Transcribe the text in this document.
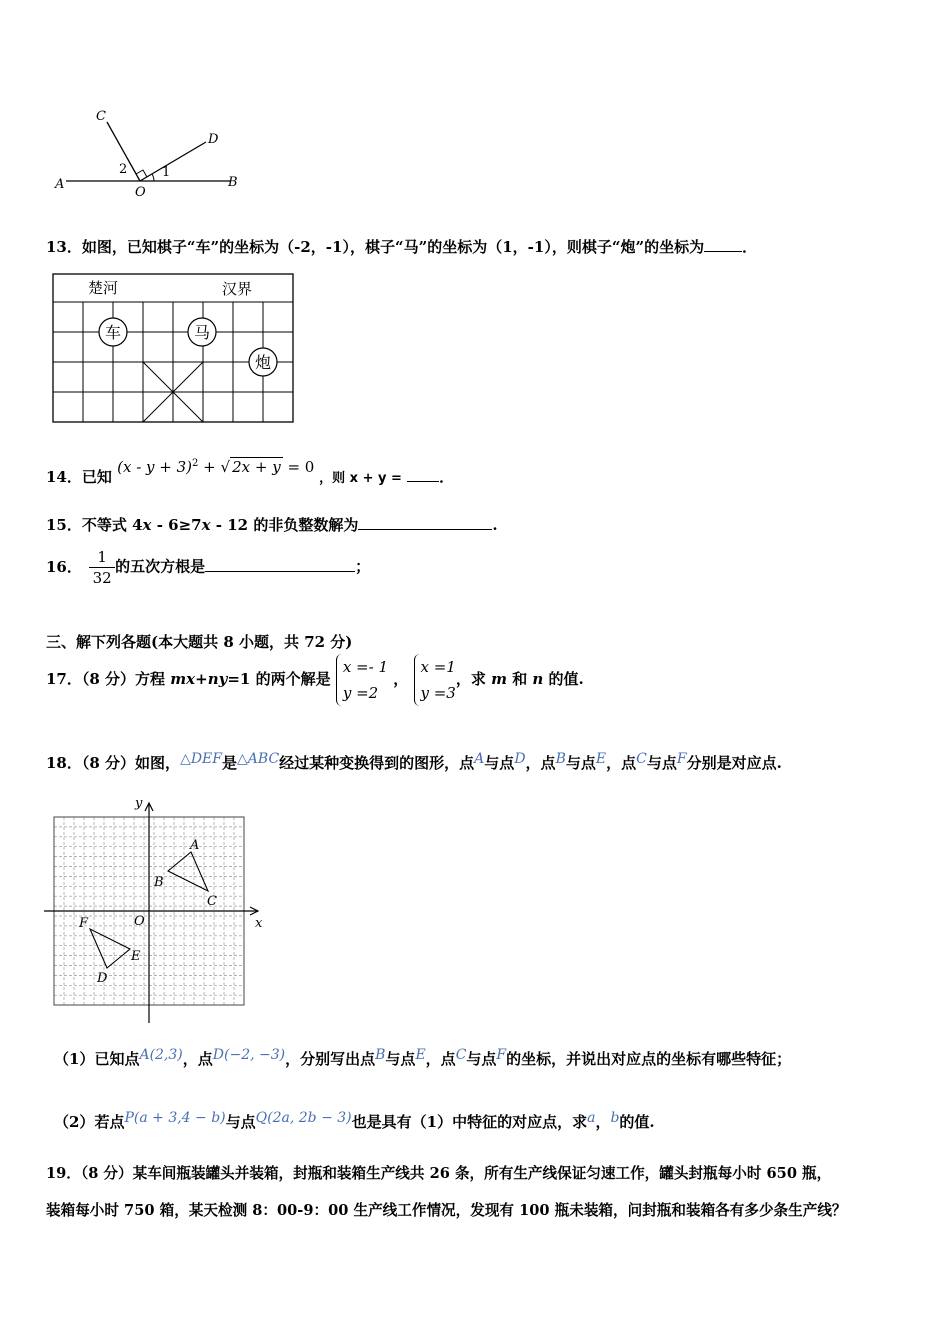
C
D
A
O
B
2	1
13．如图，已知棋子“车”的坐标为（-2，-1），棋子“马”的坐标为（1，-1），则棋子“炮”的坐标为	．
楚河	汉界
车	马
炮
14．已知 $(x - y + 3)^2$ + √ 2x + y = 0 ，则 x + y = ．
15．不等式 4x - 6≥7x - 12 的非负整数解为	.
16． $\frac{1}{32}$ 的五次方根是	；
三、解下列各题(本大题共 8 小题，共 72 分)
17．（8 分）方程 mx+ny=1 的两个解是
x =- 1
y =2
，
x =1
y =3
，求 m 和 n 的值.
18．（8 分）如图，△DEF是△ABC经过某种变换得到的图形，点A与点D，点B与点E，点C与点F分别是对应点.
y
x
O
A
B
C
D
E
F
（1）已知点A(2,3)，点D(−2, −3)，分别写出点B与点E，点C与点F的坐标，并说出对应点的坐标有哪些特征；
（2）若点P(a + 3,4 − b)与点Q(2a, 2b − 3)也是具有（1）中特征的对应点，求a，b的值.
19．（8 分）某车间瓶装罐头并装箱，封瓶和装箱生产线共 26 条，所有生产线保证匀速工作，罐头封瓶每小时 650 瓶，
装箱每小时 750 箱，某天检测 8：00-9：00 生产线工作情况，发现有 100 瓶未装箱，问封瓶和装箱各有多少条生产线？
